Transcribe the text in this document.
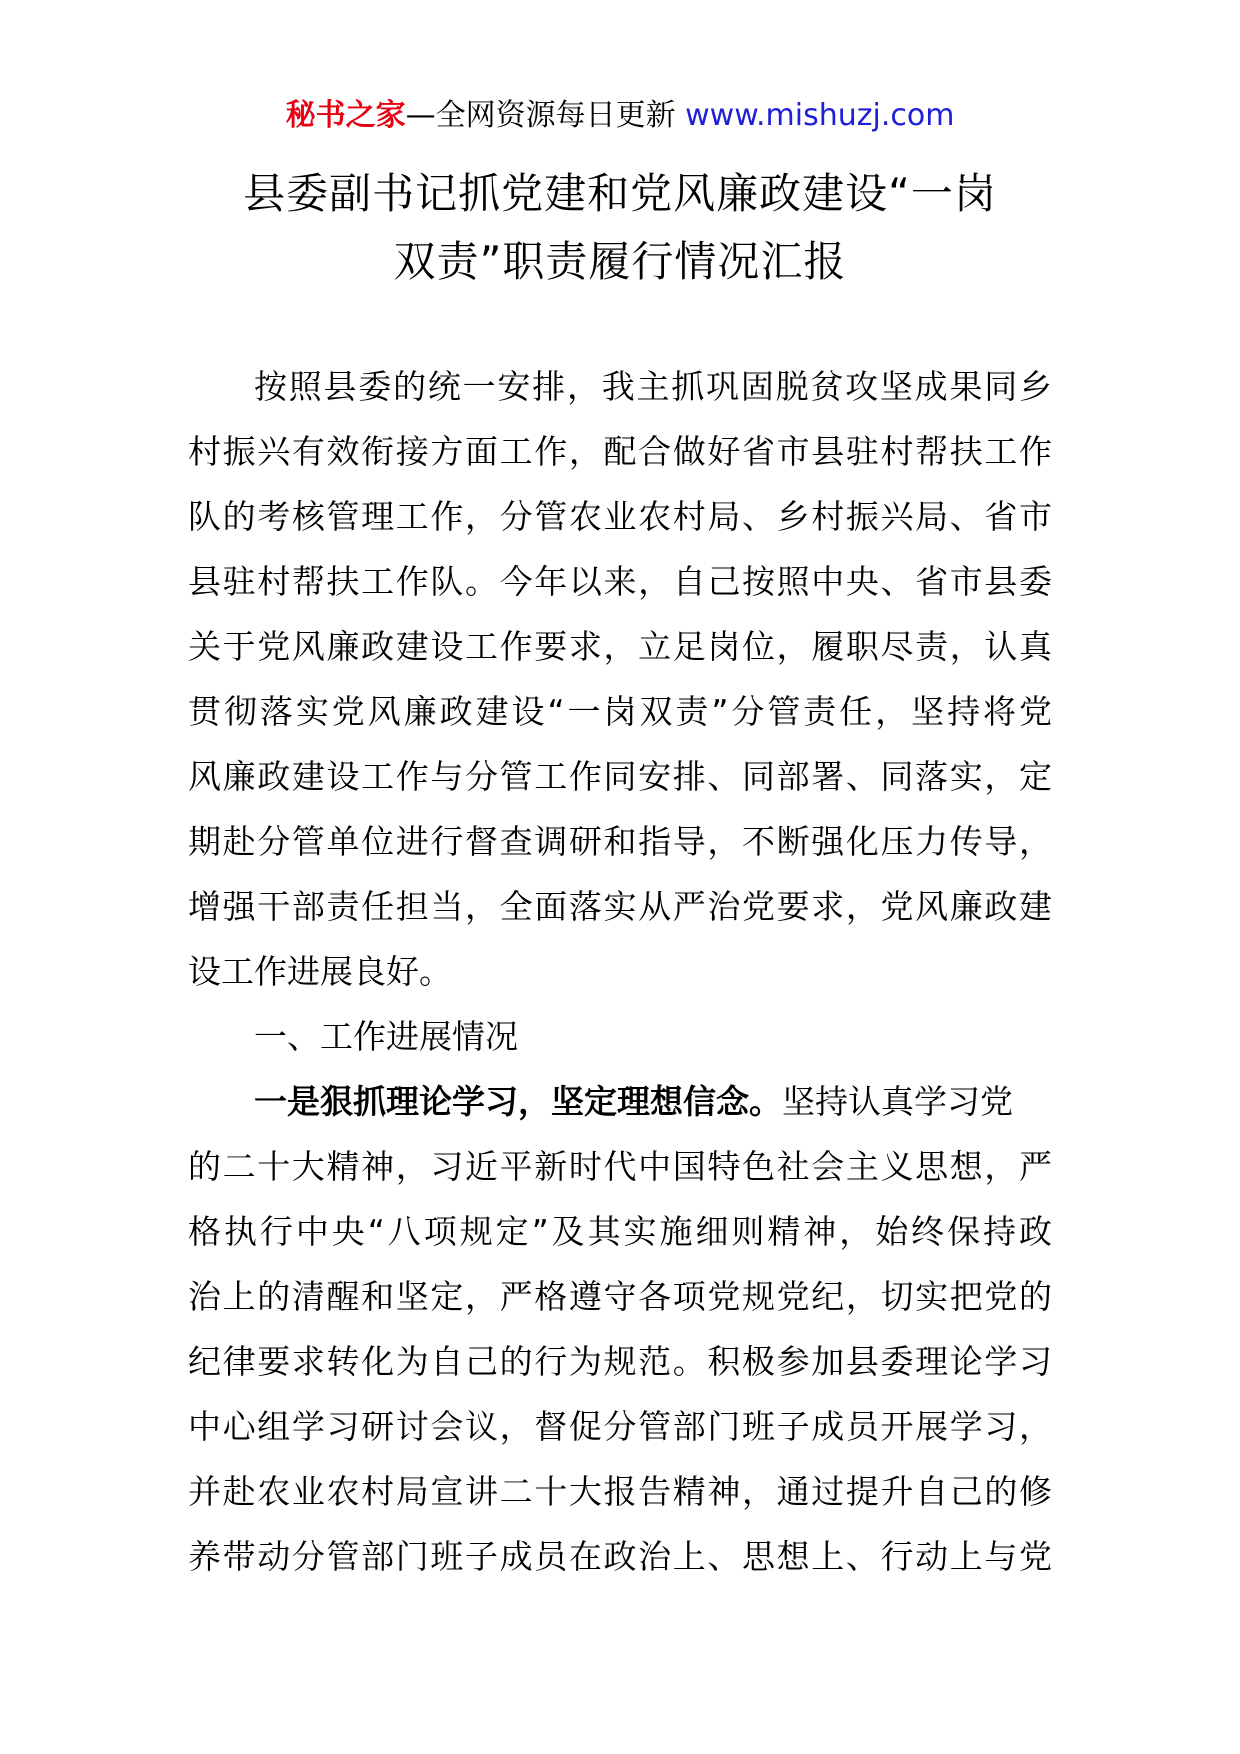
秘书之家—全网资源每日更新 www.mishuzj.com
县委副书记抓党建和党风廉政建设“一岗
双责”职责履行情况汇报
按照县委的统一安排，我主抓巩固脱贫攻坚成果同乡
村振兴有效衔接方面工作，配合做好省市县驻村帮扶工作
队的考核管理工作，分管农业农村局、乡村振兴局、省市
县驻村帮扶工作队。今年以来，自己按照中央、省市县委
关于党风廉政建设工作要求，立足岗位，履职尽责，认真
贯彻落实党风廉政建设“一岗双责”分管责任，坚持将党
风廉政建设工作与分管工作同安排、同部署、同落实，定
期赴分管单位进行督查调研和指导，不断强化压力传导，
增强干部责任担当，全面落实从严治党要求，党风廉政建
设工作进展良好。
一、工作进展情况
一是狠抓理论学习，坚定理想信念。坚持认真学习党
的二十大精神，习近平新时代中国特色社会主义思想，严
格执行中央“八项规定”及其实施细则精神，始终保持政
治上的清醒和坚定，严格遵守各项党规党纪，切实把党的
纪律要求转化为自己的行为规范。积极参加县委理论学习
中心组学习研讨会议，督促分管部门班子成员开展学习，
并赴农业农村局宣讲二十大报告精神，通过提升自己的修
养带动分管部门班子成员在政治上、思想上、行动上与党
